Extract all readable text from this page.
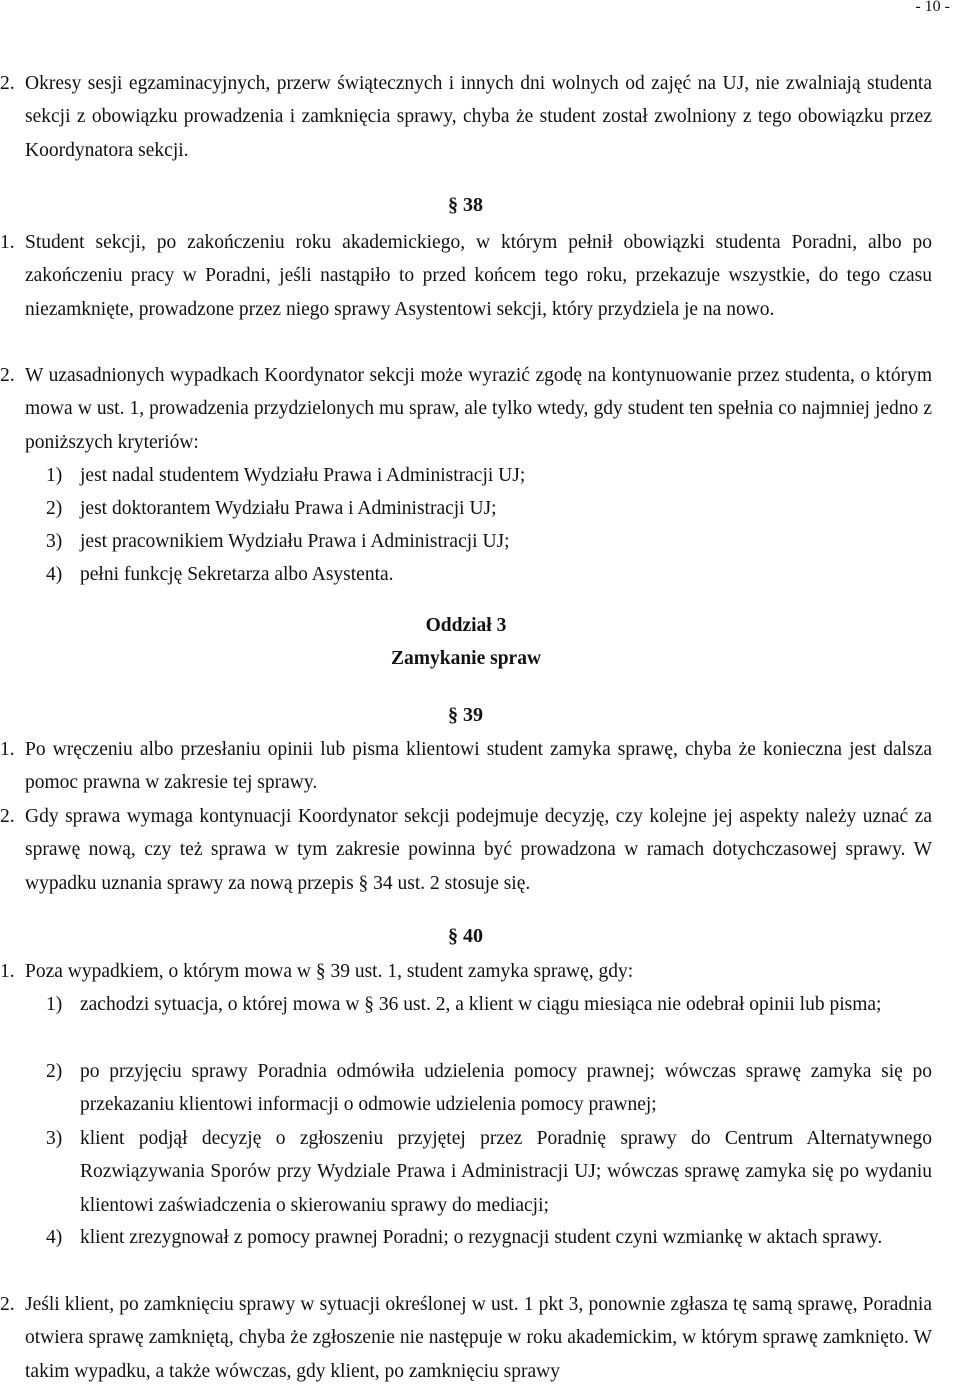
- 10 -
2. Okresy sesji egzaminacyjnych, przerw świątecznych i innych dni wolnych od zajęć na UJ, nie zwalniają studenta sekcji z obowiązku prowadzenia i zamknięcia sprawy, chyba że student został zwolniony z tego obowiązku przez Koordynatora sekcji.
§ 38
1. Student sekcji, po zakończeniu roku akademickiego, w którym pełnił obowiązki studenta Poradni, albo po zakończeniu pracy w Poradni, jeśli nastąpiło to przed końcem tego roku, przekazuje wszystkie, do tego czasu niezamknięte, prowadzone przez niego sprawy Asystentowi sekcji, który przydziela je na nowo.
2. W uzasadnionych wypadkach Koordynator sekcji może wyrazić zgodę na kontynuowanie przez studenta, o którym mowa w ust. 1, prowadzenia przydzielonych mu spraw, ale tylko wtedy, gdy student ten spełnia co najmniej jedno z poniższych kryteriów:
1) jest nadal studentem Wydziału Prawa i Administracji UJ;
2) jest doktorantem Wydziału Prawa i Administracji UJ;
3) jest pracownikiem Wydziału Prawa i Administracji UJ;
4) pełni funkcję Sekretarza albo Asystenta.
Oddział 3
Zamykanie spraw
§ 39
1. Po wręczeniu albo przesłaniu opinii lub pisma klientowi student zamyka sprawę, chyba że konieczna jest dalsza pomoc prawna w zakresie tej sprawy.
2. Gdy sprawa wymaga kontynuacji Koordynator sekcji podejmuje decyzję, czy kolejne jej aspekty należy uznać za sprawę nową, czy też sprawa w tym zakresie powinna być prowadzona w ramach dotychczasowej sprawy. W wypadku uznania sprawy za nową przepis § 34 ust. 2 stosuje się.
§ 40
1. Poza wypadkiem, o którym mowa w § 39 ust. 1, student zamyka sprawę, gdy:
1) zachodzi sytuacja, o której mowa w § 36 ust. 2, a klient w ciągu miesiąca nie odebrał opinii lub pisma;
2) po przyjęciu sprawy Poradnia odmówiła udzielenia pomocy prawnej; wówczas sprawę zamyka się po przekazaniu klientowi informacji o odmowie udzielenia pomocy prawnej;
3) klient podjął decyzję o zgłoszeniu przyjętej przez Poradnię sprawy do Centrum Alternatywnego Rozwiązywania Sporów przy Wydziale Prawa i Administracji UJ; wówczas sprawę zamyka się po wydaniu klientowi zaświadczenia o skierowaniu sprawy do mediacji;
4) klient zrezygnował z pomocy prawnej Poradni; o rezygnacji student czyni wzmiankę w aktach sprawy.
2. Jeśli klient, po zamknięciu sprawy w sytuacji określonej w ust. 1 pkt 3, ponownie zgłasza tę samą sprawę, Poradnia otwiera sprawę zamkniętą, chyba że zgłoszenie nie następuje w roku akademickim, w którym sprawę zamknięto. W takim wypadku, a także wówczas, gdy klient, po zamknięciu sprawy
